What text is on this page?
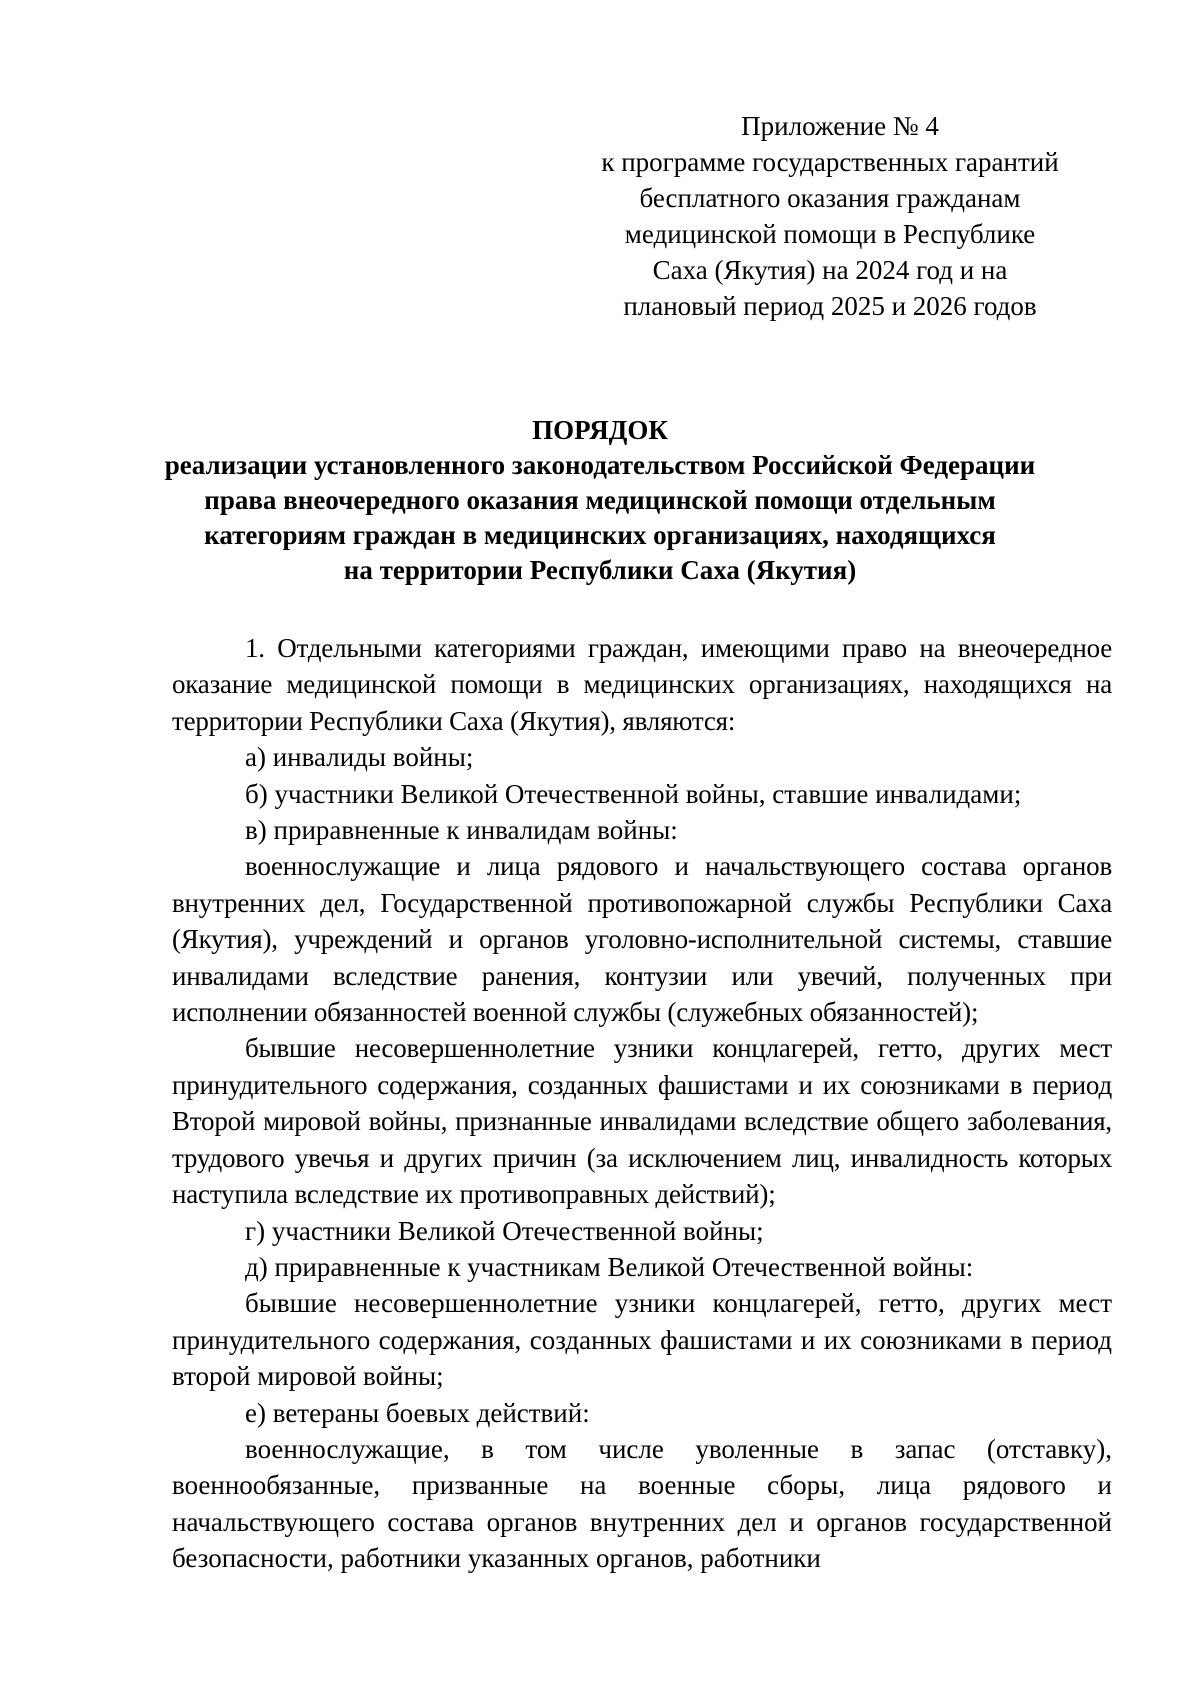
Приложение № 4
к программе государственных гарантий
бесплатного оказания гражданам
медицинской помощи в Республике
Саха (Якутия) на 2024 год и на
плановый период 2025 и 2026 годов
ПОРЯДОК
реализации установленного законодательством Российской Федерации
права внеочередного оказания медицинской помощи отдельным
категориям граждан в медицинских организациях, находящихся
на территории Республики Саха (Якутия)

1. Отдельными категориями граждан, имеющими право на внеочередное оказание медицинской помощи в медицинских организациях, находящихся на территории Республики Саха (Якутия), являются:

а) инвалиды войны;

б) участники Великой Отечественной войны, ставшие инвалидами;

в) приравненные к инвалидам войны:

военнослужащие и лица рядового и начальствующего состава органов внутренних дел, Государственной противопожарной службы Республики Саха (Якутия), учреждений и органов уголовно-исполнительной системы, ставшие инвалидами вследствие ранения, контузии или увечий, полученных при исполнении обязанностей военной службы (служебных обязанностей);

бывшие несовершеннолетние узники концлагерей, гетто, других мест принудительного содержания, созданных фашистами и их союзниками в период Второй мировой войны, признанные инвалидами вследствие общего заболевания, трудового увечья и других причин (за исключением лиц, инвалидность которых наступила вследствие их противоправных действий);

г) участники Великой Отечественной войны;

д) приравненные к участникам Великой Отечественной войны:

бывшие несовершеннолетние узники концлагерей, гетто, других мест принудительного содержания, созданных фашистами и их союзниками в период второй мировой войны;

е) ветераны боевых действий:

военнослужащие, в том числе уволенные в запас (отставку), военнообязанные, призванные на военные сборы, лица рядового и начальствующего состава органов внутренних дел и органов государственной безопасности, работники указанных органов, работники
